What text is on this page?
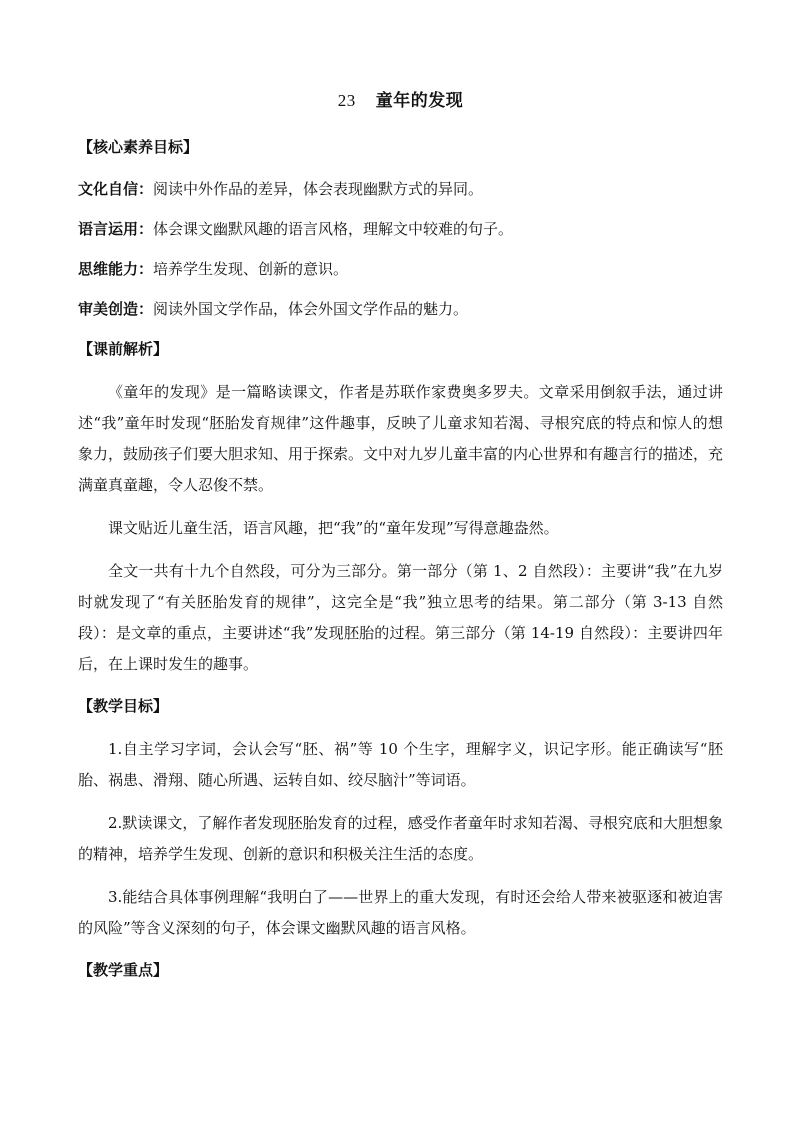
23 童年的发现
【核心素养目标】
文化自信：阅读中外作品的差异，体会表现幽默方式的异同。
语言运用：体会课文幽默风趣的语言风格，理解文中较难的句子。
思维能力：培养学生发现、创新的意识。
审美创造：阅读外国文学作品，体会外国文学作品的魅力。
【课前解析】

《童年的发现》是一篇略读课文，作者是苏联作家费奥多罗夫。文章采用倒叙手法，通过讲述“我”童年时发现“胚胎发育规律”这件趣事，反映了儿童求知若渴、寻根究底的特点和惊人的想象力，鼓励孩子们要大胆求知、用于探索。文中对九岁儿童丰富的内心世界和有趣言行的描述，充满童真童趣，令人忍俊不禁。

课文贴近儿童生活，语言风趣，把“我”的“童年发现”写得意趣盎然。

全文一共有十九个自然段，可分为三部分。第一部分（第 1、2 自然段）：主要讲“我”在九岁时就发现了“有关胚胎发育的规律”，这完全是“我”独立思考的结果。第二部分（第 3-13 自然段）：是文章的重点，主要讲述“我”发现胚胎的过程。第三部分（第 14-19 自然段）：主要讲四年后，在上课时发生的趣事。

【教学目标】

1.自主学习字词，会认会写“胚、祸”等 10 个生字，理解字义，识记字形。能正确读写“胚胎、祸患、滑翔、随心所遇、运转自如、绞尽脑汁”等词语。

2.默读课文，了解作者发现胚胎发育的过程，感受作者童年时求知若渴、寻根究底和大胆想象的精神，培养学生发现、创新的意识和积极关注生活的态度。

3.能结合具体事例理解“我明白了——世界上的重大发现，有时还会给人带来被驱逐和被迫害的风险”等含义深刻的句子，体会课文幽默风趣的语言风格。

【教学重点】
